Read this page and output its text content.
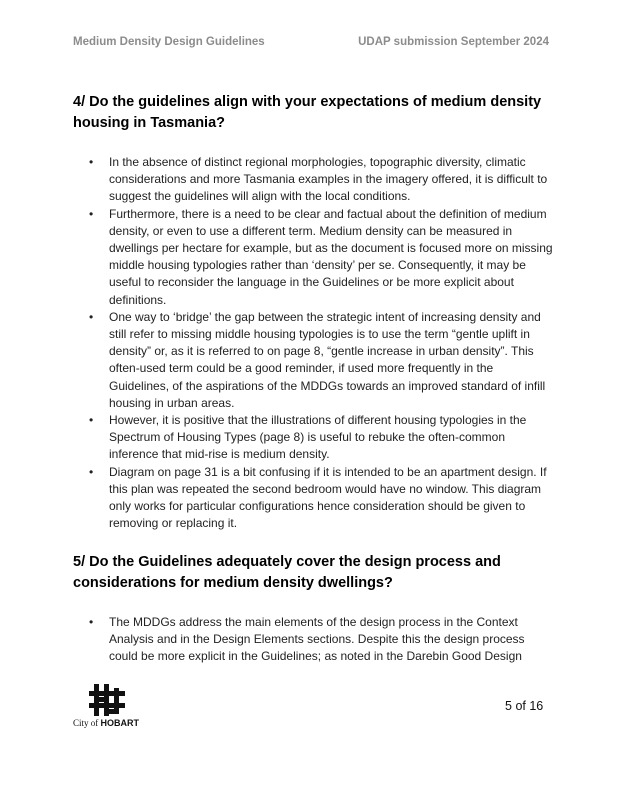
Medium Density Design Guidelines	UDAP submission September 2024
4/ Do the guidelines align with your expectations of medium density housing in Tasmania?
• In the absence of distinct regional morphologies, topographic diversity, climatic considerations and more Tasmania examples in the imagery offered, it is difficult to suggest the guidelines will align with the local conditions.
• Furthermore, there is a need to be clear and factual about the definition of medium density, or even to use a different term. Medium density can be measured in dwellings per hectare for example, but as the document is focused more on missing middle housing typologies rather than ‘density’ per se. Consequently, it may be useful to reconsider the language in the Guidelines or be more explicit about definitions.
• One way to ‘bridge’ the gap between the strategic intent of increasing density and still refer to missing middle housing typologies is to use the term “gentle uplift in density” or, as it is referred to on page 8, “gentle increase in urban density”. This often-used term could be a good reminder, if used more frequently in the Guidelines, of the aspirations of the MDDGs towards an improved standard of infill housing in urban areas.
• However, it is positive that the illustrations of different housing typologies in the Spectrum of Housing Types (page 8) is useful to rebuke the often-common inference that mid-rise is medium density.
• Diagram on page 31 is a bit confusing if it is intended to be an apartment design. If this plan was repeated the second bedroom would have no window. This diagram only works for particular configurations hence consideration should be given to removing or replacing it.
5/ Do the Guidelines adequately cover the design process and considerations for medium density dwellings?
• The MDDGs address the main elements of the design process in the Context Analysis and in the Design Elements sections. Despite this the design process could be more explicit in the Guidelines; as noted in the Darebin Good Design
City of HOBART
5 of 16
